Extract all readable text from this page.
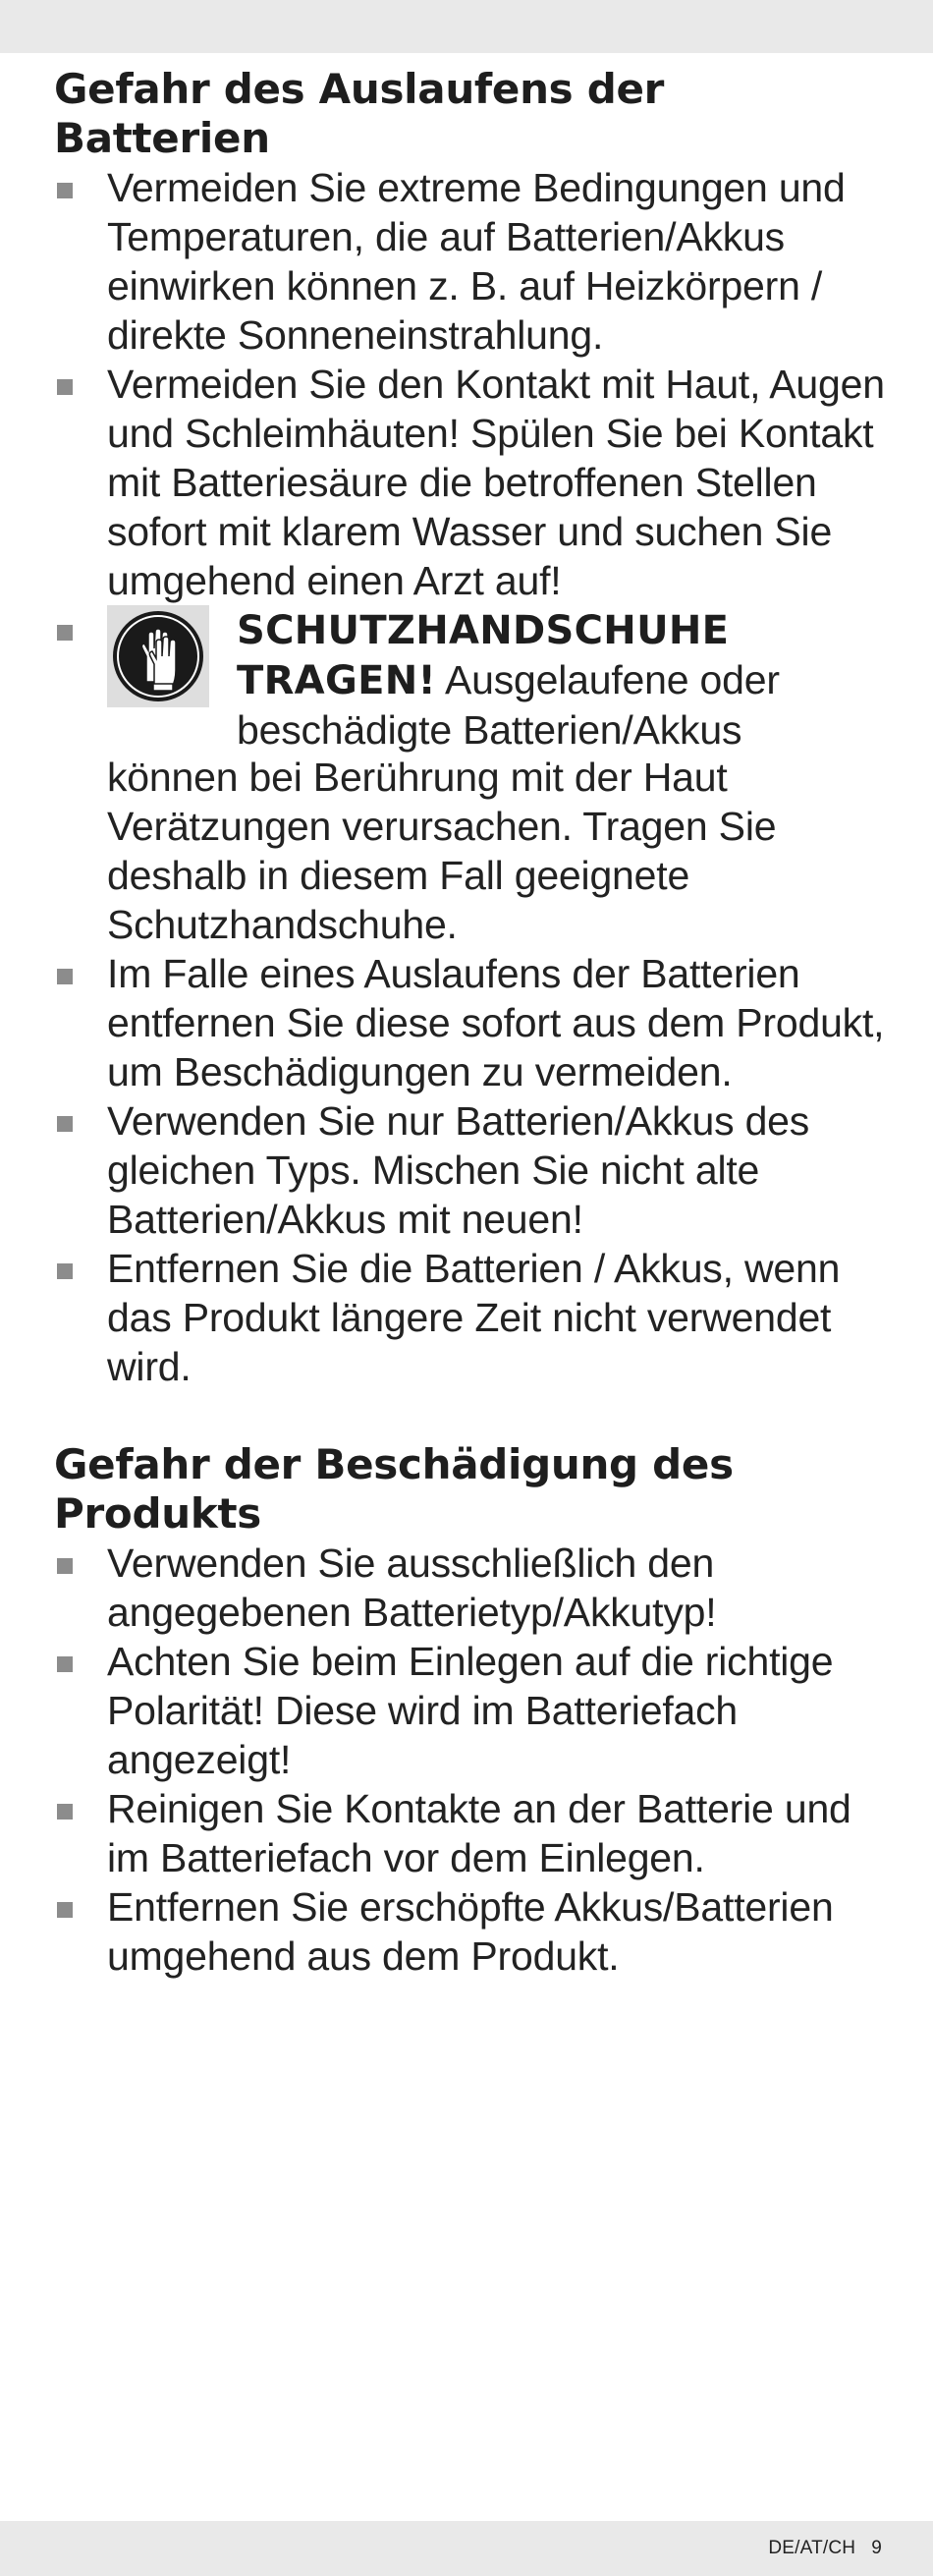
Gefahr des Auslaufens der
Batterien
Vermeiden Sie extreme Bedingungen und Temperaturen, die auf Batterien/Akkus einwirken können z. B. auf Heizkörpern / direkte Sonneneinstrahlung.
Vermeiden Sie den Kontakt mit Haut, Augen und Schleimhäuten! Spülen Sie bei Kontakt mit Batteriesäure die betroffenen Stellen sofort mit klarem Wasser und suchen Sie umgehend einen Arzt auf!
SCHUTZHANDSCHUHE
TRAGEN! Ausgelaufene oder
beschädigte Batterien/Akkus
können bei Berührung mit der Haut Verätzungen verursachen. Tragen Sie deshalb in diesem Fall geeignete Schutzhandschuhe.
Im Falle eines Auslaufens der Batterien entfernen Sie diese sofort aus dem Produkt, um Beschädigungen zu vermeiden.
Verwenden Sie nur Batterien/Akkus des gleichen Typs. Mischen Sie nicht alte Batterien/Akkus mit neuen!
Entfernen Sie die Batterien / Akkus, wenn das Produkt längere Zeit nicht verwendet wird.
Gefahr der Beschädigung des
Produkts
Verwenden Sie ausschließlich den angegebenen Batterietyp/Akkutyp!
Achten Sie beim Einlegen auf die richtige Polarität! Diese wird im Batteriefach angezeigt!
Reinigen Sie Kontakte an der Batterie und im Batteriefach vor dem Einlegen.
Entfernen Sie erschöpfte Akkus/Batterien umgehend aus dem Produkt.
DE/AT/CH 9
